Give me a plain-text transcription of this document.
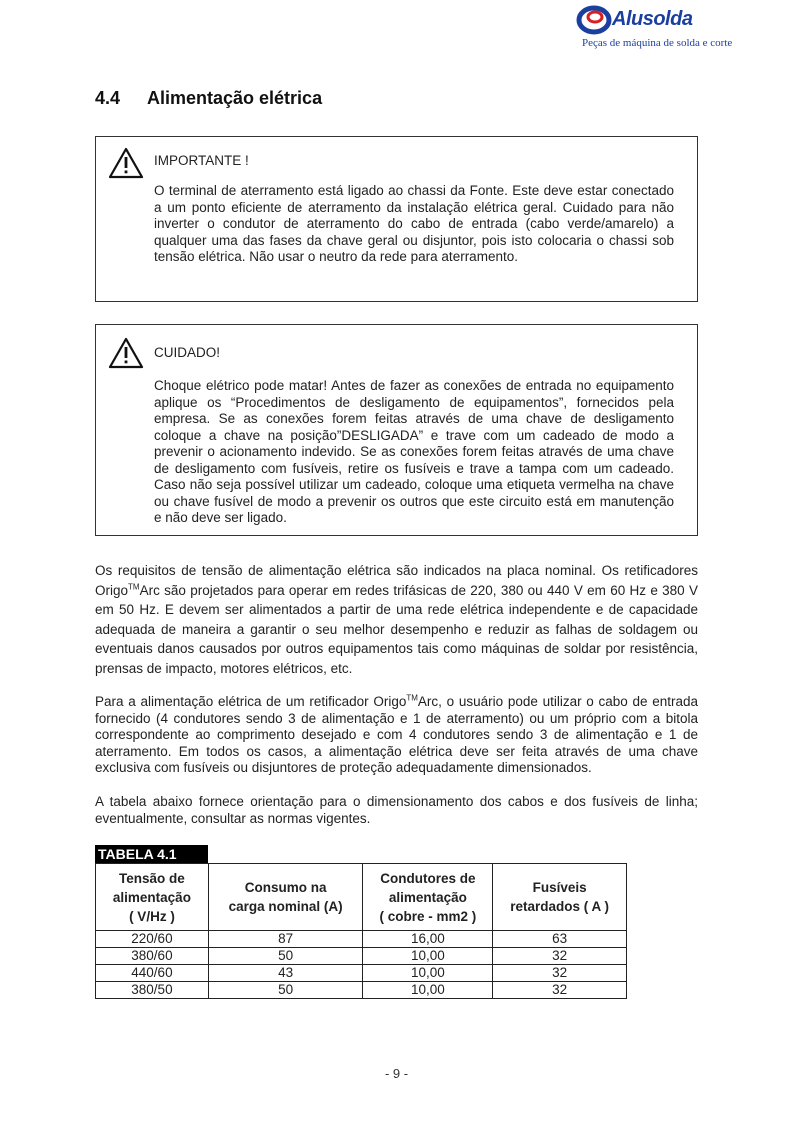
Alusolda
Peças de máquina de solda e corte
4.4 Alimentação elétrica
IMPORTANTE !
O terminal de aterramento está ligado ao chassi da Fonte. Este deve estar conectado a um ponto eficiente de aterramento da instalação elétrica geral. Cuidado para não inverter o condutor de aterramento do cabo de entrada (cabo verde/amarelo) a qualquer uma das fases da chave geral ou disjuntor, pois isto colocaria o chassi sob tensão elétrica. Não usar o neutro da rede para aterramento.
CUIDADO!
Choque elétrico pode matar! Antes de fazer as conexões de entrada no equipamento aplique os “Procedimentos de desligamento de equipamentos”, fornecidos pela empresa. Se as conexões forem feitas através de uma chave de desligamento coloque a chave na posição”DESLIGADA” e trave com um cadeado de modo a prevenir o acionamento indevido. Se as conexões forem feitas através de uma chave de desligamento com fusíveis, retire os fusíveis e trave a tampa com um cadeado. Caso não seja possível utilizar um cadeado, coloque uma etiqueta vermelha na chave ou chave fusível de modo a prevenir os outros que este circuito está em manutenção e não deve ser ligado.
Os requisitos de tensão de alimentação elétrica são indicados na placa nominal. Os retificadores Origo™Arc são projetados para operar em redes trifásicas de 220, 380 ou 440 V em 60 Hz e 380 V em 50 Hz. E devem ser alimentados a partir de uma rede elétrica independente e de capacidade adequada de maneira a garantir o seu melhor desempenho e reduzir as falhas de soldagem ou eventuais danos causados por outros equipamentos tais como máquinas de soldar por resistência, prensas de impacto, motores elétricos, etc.
Para a alimentação elétrica de um retificador Origo™Arc, o usuário pode utilizar o cabo de entrada fornecido (4 condutores sendo 3 de alimentação e 1 de aterramento) ou um próprio com a bitola correspondente ao comprimento desejado e com 4 condutores sendo 3 de alimentação e 1 de aterramento. Em todos os casos, a alimentação elétrica deve ser feita através de uma chave exclusiva com fusíveis ou disjuntores de proteção adequadamente dimensionados.
A tabela abaixo fornece orientação para o dimensionamento dos cabos e dos fusíveis de linha; eventualmente, consultar as normas vigentes.
TABELA 4.1
Tensão de
alimentação
( V/Hz )	Consumo na
carga nominal (A)	Condutores de
alimentação
( cobre - mm2 )	Fusíveis
retardados ( A )
220/60	87	16,00	63
380/60	50	10,00	32
440/60	43	10,00	32
380/50	50	10,00	32
- 9 -
